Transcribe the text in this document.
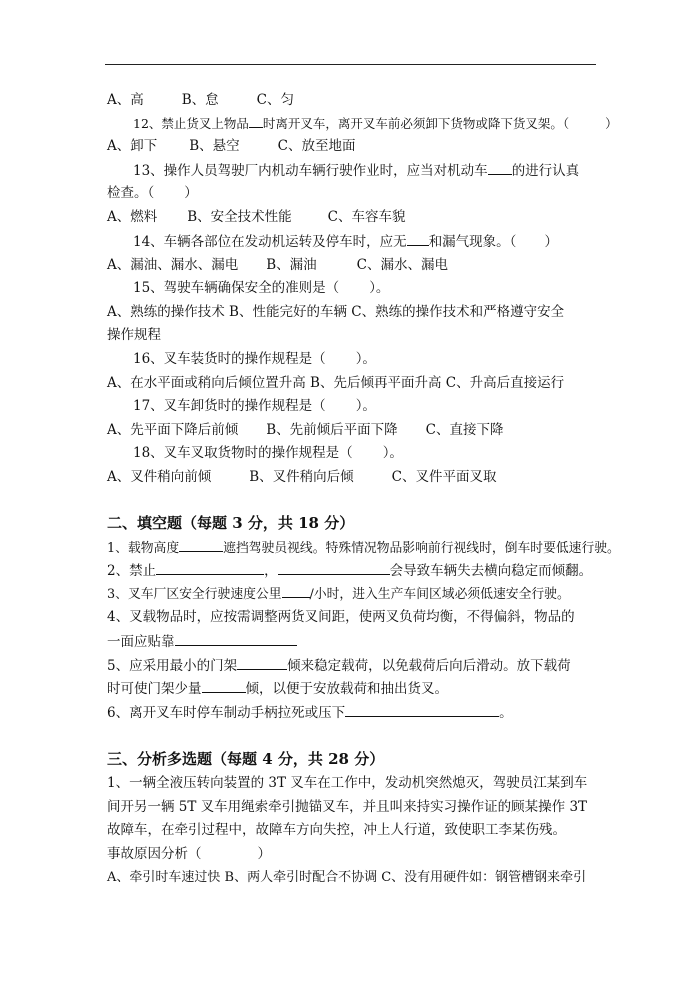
A、高	B、怠	C、匀
12、禁止货叉上物品 时离开叉车，离开叉车前必须卸下货物或降下货叉架。（	）
A、卸下 B、悬空	C、放至地面
13、操作人员驾驶厂内机动车辆行驶作业时，应当对机动车 的进行认真
检查。（ ）
A、燃料 B、安全技术性能	C、车容车貌
14、车辆各部位在发动机运转及停车时，应无 和漏气现象。（ ）
A、漏油、漏水、漏电 B、漏油	C、漏水、漏电
15、驾驶车辆确保安全的准则是（ ）。
A、熟练的操作技术 B、性能完好的车辆 C、熟练的操作技术和严格遵守安全
操作规程
16、叉车装货时的操作规程是（ ）。
A、在水平面或稍向后倾位置升高 B、先后倾再平面升高 C、升高后直接运行
17、叉车卸货时的操作规程是（ ）。
A、先平面下降后前倾 B、先前倾后平面下降 C、直接下降
18、叉车叉取货物时的操作规程是（ ）。
A、叉件稍向前倾	B、叉件稍向后倾	C、叉件平面叉取
二、填空题（每题 3 分，共 18 分）
1、载物高度	遮挡驾驶员视线。特殊情况物品影响前行视线时，倒车时要低速行驶。
2、禁止	，	会导致车辆失去横向稳定而倾翻。
3、叉车厂区安全行驶速度公里 /小时，进入生产车间区域必须低速安全行驶。
4、叉载物品时，应按需调整两货叉间距，使两叉负荷均衡，不得偏斜，物品的
一面应贴靠
5、应采用最小的门架	倾来稳定载荷，以免载荷后向后滑动。放下载荷
时可使门架少量	倾，以便于安放载荷和抽出货叉。
6、离开叉车时停车制动手柄拉死或压下	。
三、分析多选题（每题 4 分，共 28 分）
1、一辆全液压转向装置的 3T 叉车在工作中，发动机突然熄灭，驾驶员江某到车
间开另一辆 5T 叉车用绳索牵引抛锚叉车，并且叫来持实习操作证的顾某操作 3T
故障车，在牵引过程中，故障车方向失控，冲上人行道，致使职工李某伤残。
事故原因分析（	）
A、牵引时车速过快 B、两人牵引时配合不协调 C、没有用硬件如：钢管槽钢来牵引
